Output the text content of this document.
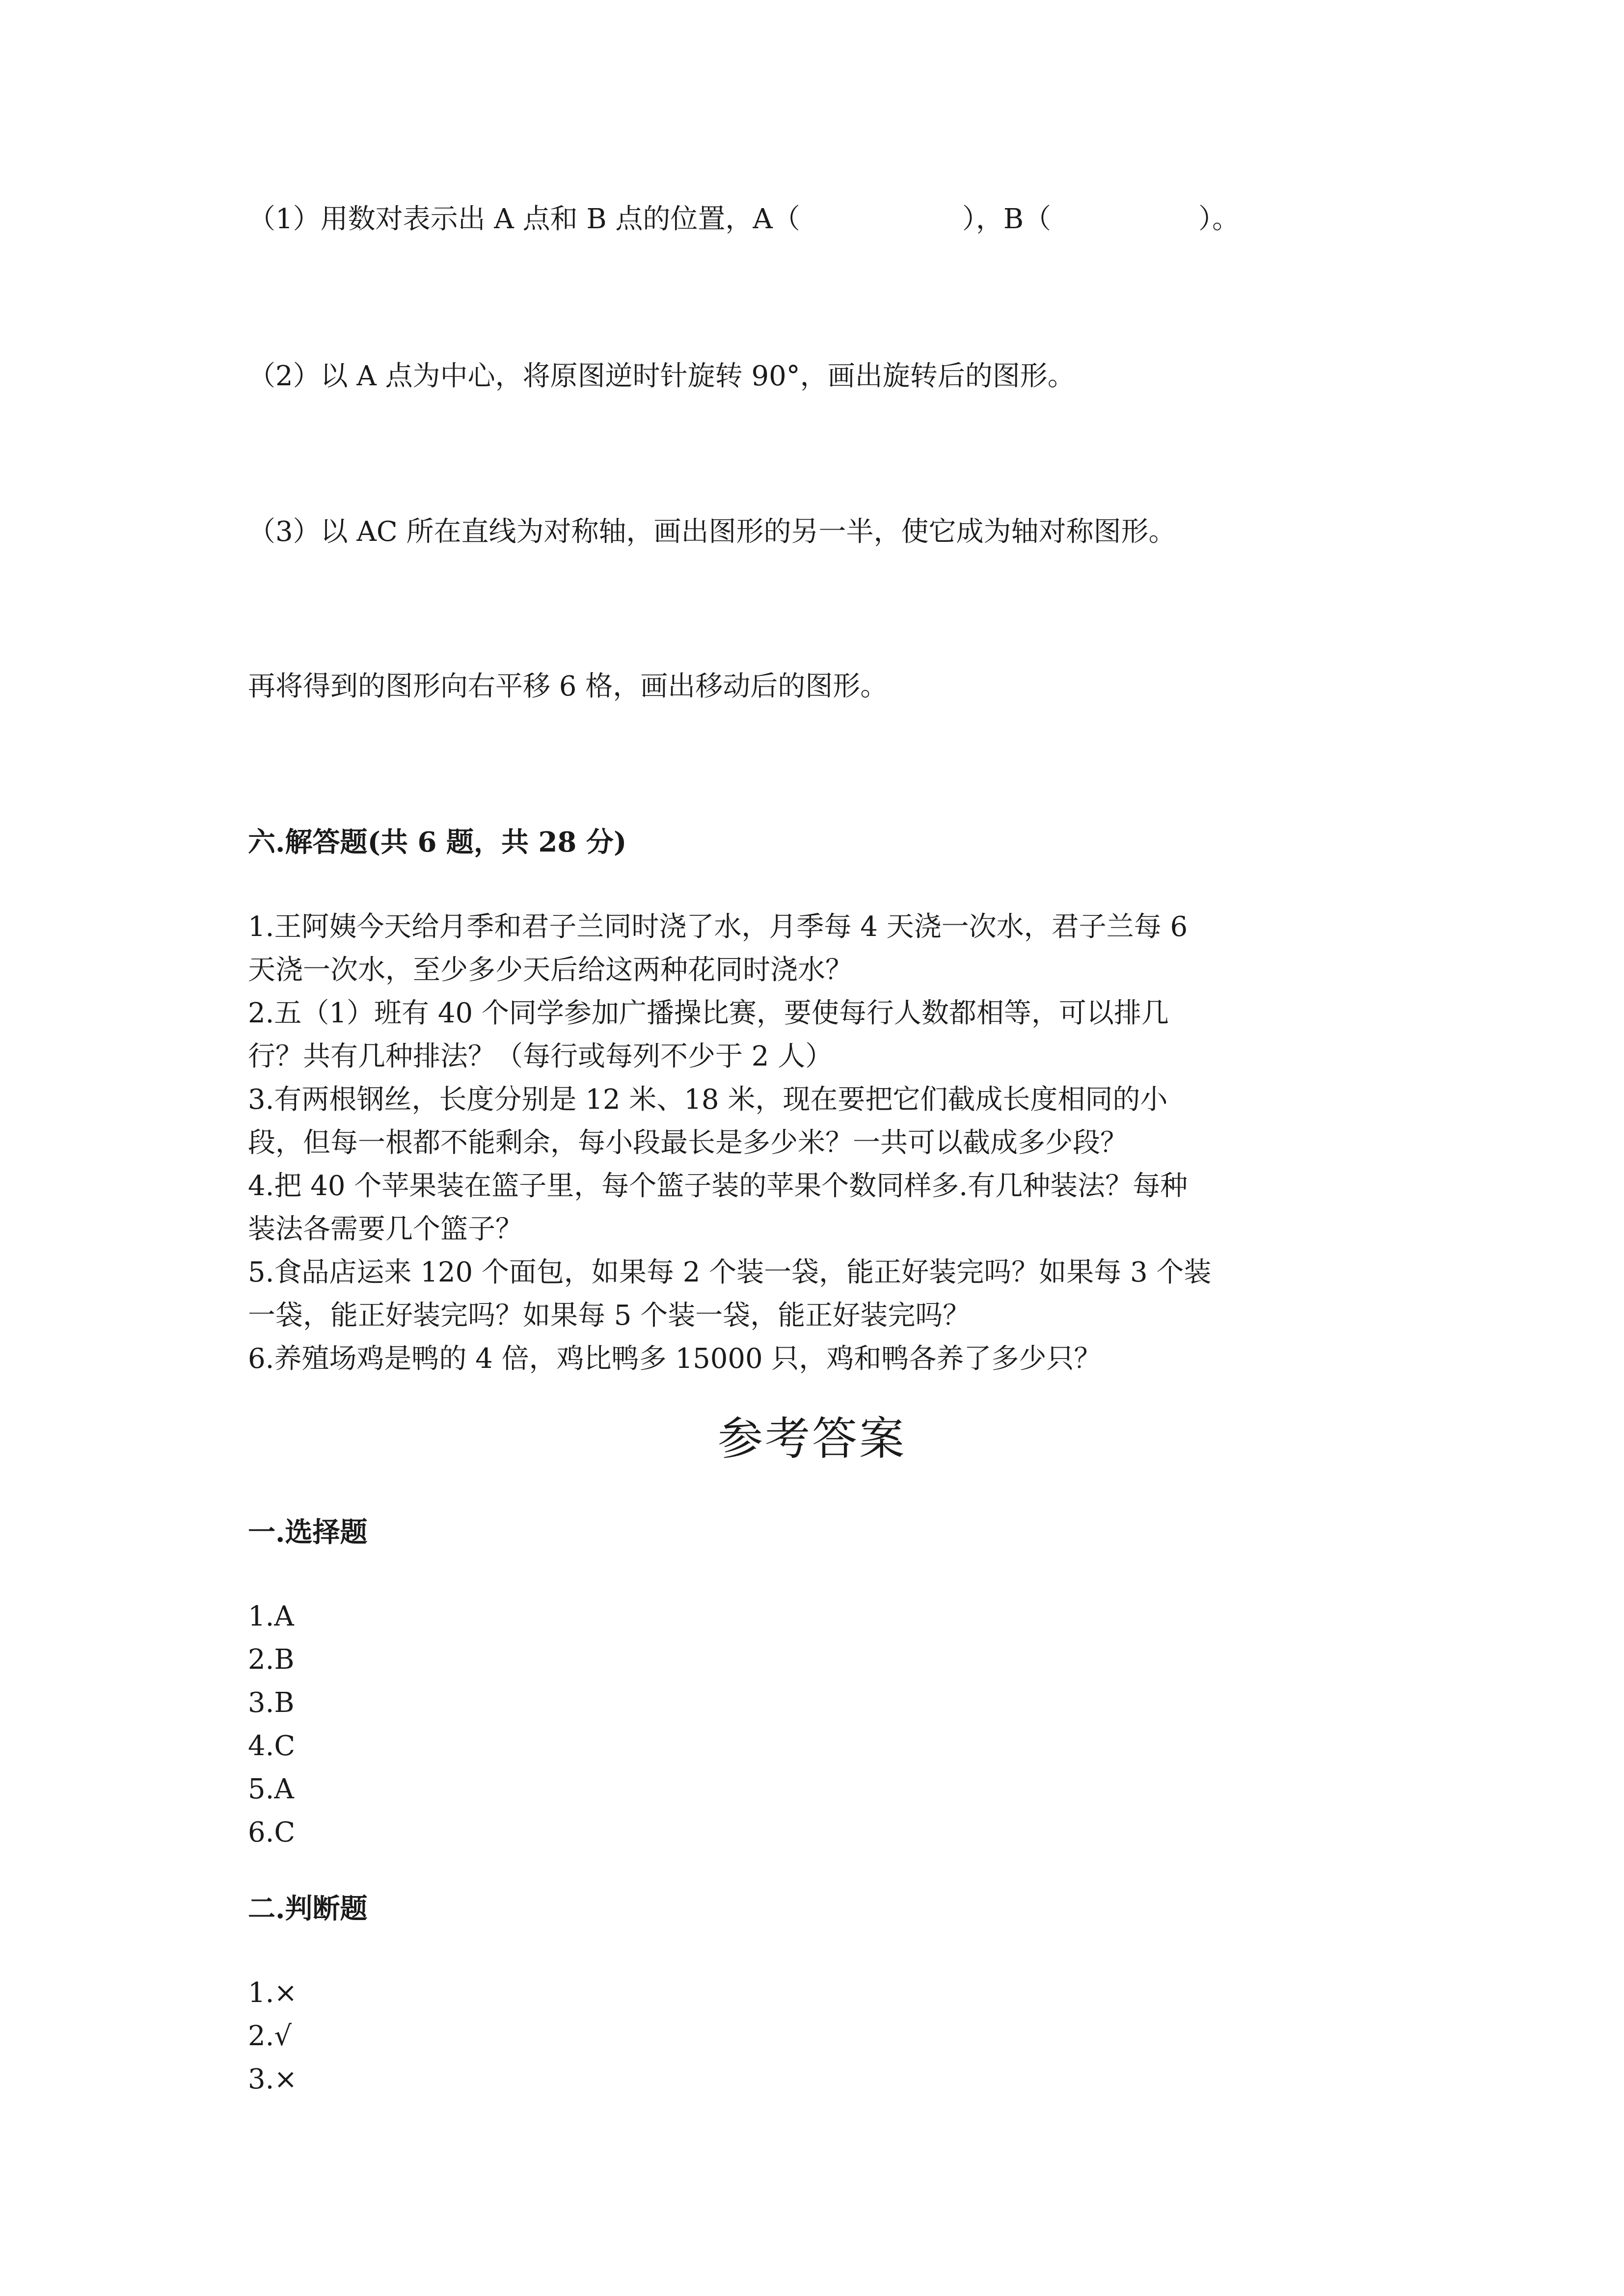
（1）用数对表示出 A 点和 B 点的位置，A（	），B（	）。
（2）以 A 点为中心，将原图逆时针旋转 90°，画出旋转后的图形。
（3）以 AC 所在直线为对称轴，画出图形的另一半，使它成为轴对称图形。
再将得到的图形向右平移 6 格，画出移动后的图形。
六.解答题(共 6 题，共 28 分)
1.王阿姨今天给月季和君子兰同时浇了水，月季每 4 天浇一次水，君子兰每 6
天浇一次水，至少多少天后给这两种花同时浇水？
2.五（1）班有 40 个同学参加广播操比赛，要使每行人数都相等，可以排几
行？共有几种排法？（每行或每列不少于 2 人）
3.有两根钢丝，长度分别是 12 米、18 米，现在要把它们截成长度相同的小
段，但每一根都不能剩余，每小段最长是多少米？一共可以截成多少段？
4.把 40 个苹果装在篮子里，每个篮子装的苹果个数同样多.有几种装法？每种
装法各需要几个篮子？
5.食品店运来 120 个面包，如果每 2 个装一袋，能正好装完吗？如果每 3 个装
一袋，能正好装完吗？如果每 5 个装一袋，能正好装完吗？
6.养殖场鸡是鸭的 4 倍，鸡比鸭多 15000 只，鸡和鸭各养了多少只？
参考答案
一.选择题
1.A
2.B
3.B
4.C
5.A
6.C
二.判断题
1.×
2.√
3.×
